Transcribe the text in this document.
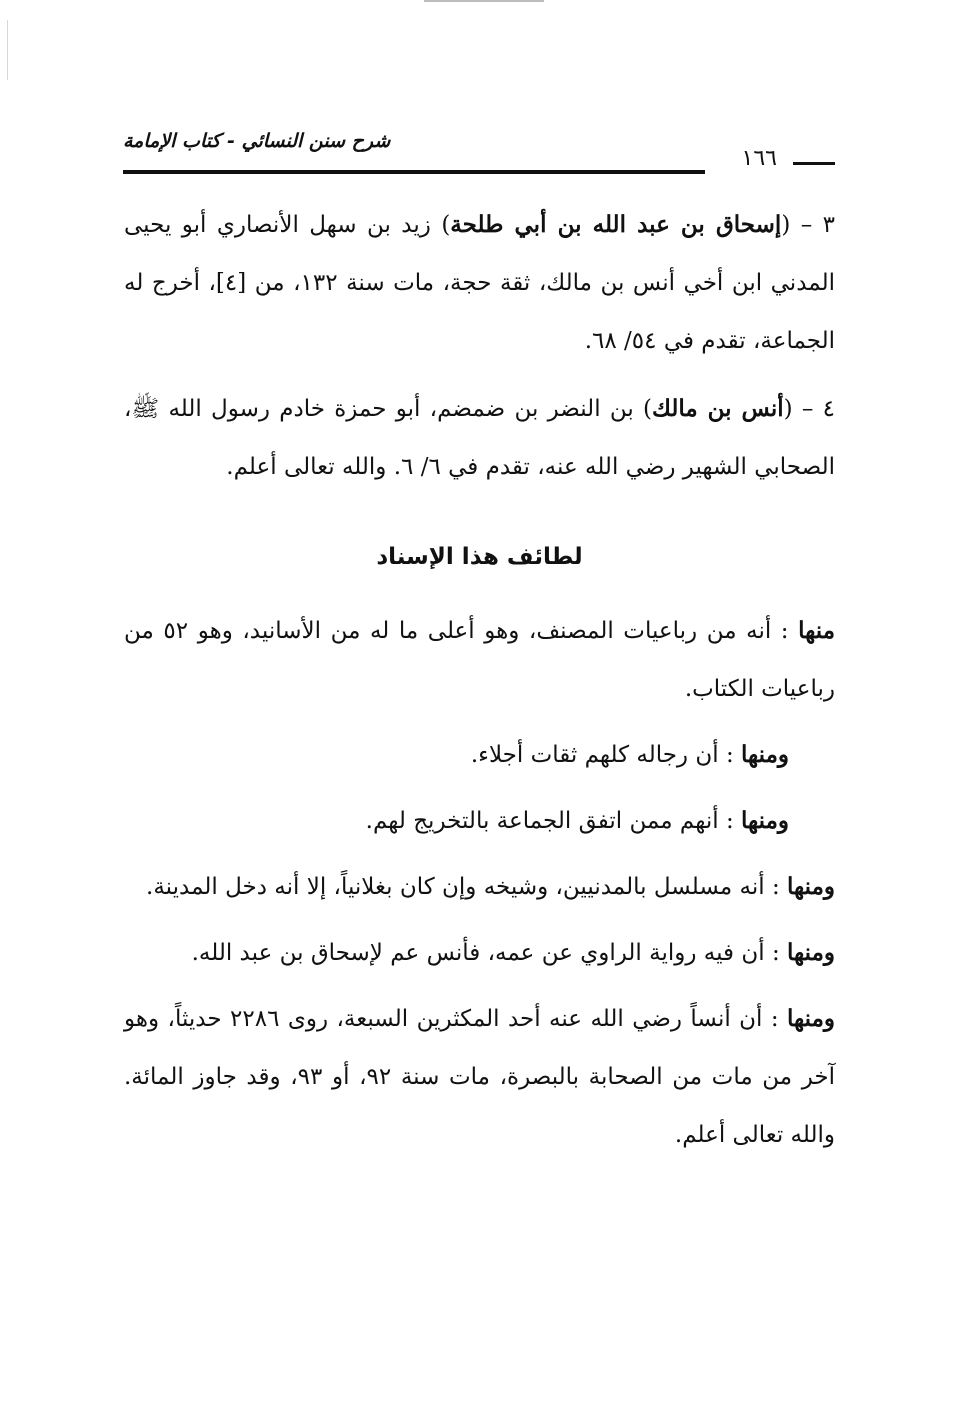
شرح سنن النسائي - كتاب الإمامة
١٦٦

٣ – (إسحاق بن عبد الله بن أبي طلحة) زيد بن سهل الأنصاري أبو يحيى المدني ابن أخي أنس بن مالك، ثقة حجة، مات سنة ١٣٢، من [٤]، أخرج له الجماعة، تقدم في ٥٤/ ٦٨.

٤ – (أنس بن مالك) بن النضر بن ضمضم، أبو حمزة خادم رسول الله ﷺ، الصحابي الشهير رضي الله عنه، تقدم في ٦/ ٦. والله تعالى أعلم.

لطائف هذا الإسناد

منها : أنه من رباعيات المصنف، وهو أعلى ما له من الأسانيد، وهو ٥٢ من رباعيات الكتاب.

ومنها : أن رجاله كلهم ثقات أجلاء.

ومنها : أنهم ممن اتفق الجماعة بالتخريج لهم.

ومنها : أنه مسلسل بالمدنيين، وشيخه وإن كان بغلانياً، إلا أنه دخل المدينة.

ومنها : أن فيه رواية الراوي عن عمه، فأنس عم لإسحاق بن عبد الله.

ومنها : أن أنساً رضي الله عنه أحد المكثرين السبعة، روى ٢٢٨٦ حديثاً، وهو آخر من مات من الصحابة بالبصرة، مات سنة ٩٢، أو ٩٣، وقد جاوز المائة. والله تعالى أعلم.
